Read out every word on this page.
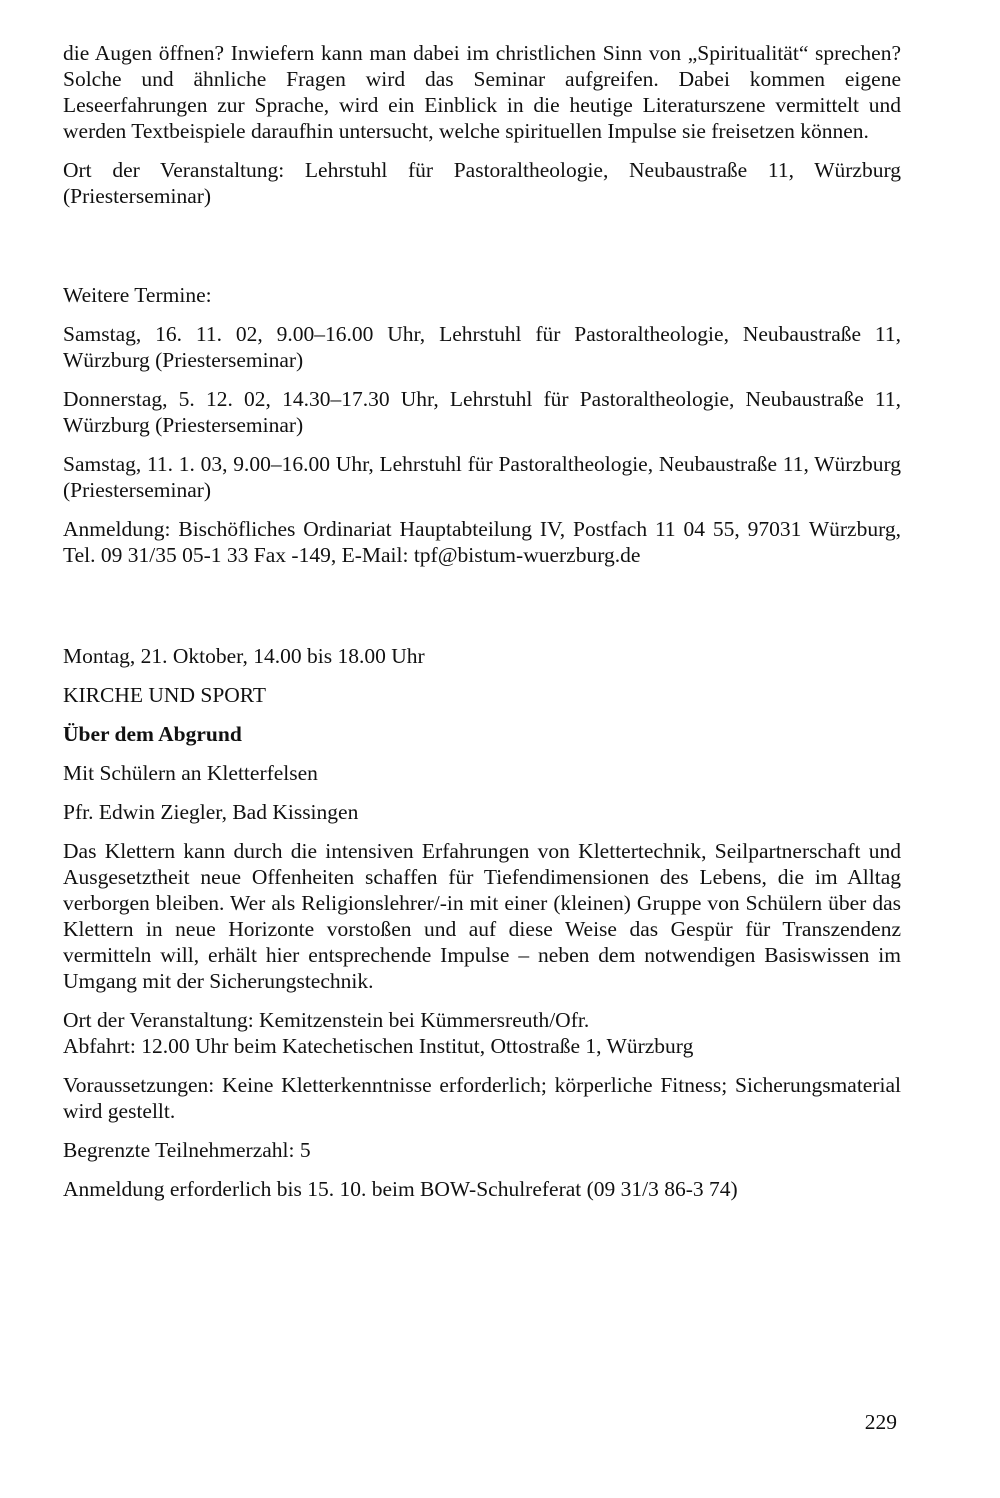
die Augen öffnen? Inwiefern kann man dabei im christlichen Sinn von „Spiritualität“ sprechen? Solche und ähnliche Fragen wird das Seminar aufgreifen. Dabei kommen eigene Leseerfahrungen zur Sprache, wird ein Einblick in die heutige Literaturszene vermittelt und werden Textbeispiele daraufhin untersucht, welche spirituellen Impulse sie freisetzen können.

Ort der Veranstaltung: Lehrstuhl für Pastoraltheologie, Neubaustraße 11, Würzburg (Priesterseminar)

Weitere Termine:

Samstag, 16. 11. 02, 9.00–16.00 Uhr, Lehrstuhl für Pastoraltheologie, Neubaustraße 11, Würzburg (Priesterseminar)

Donnerstag, 5. 12. 02, 14.30–17.30 Uhr, Lehrstuhl für Pastoraltheologie, Neubaustraße 11, Würzburg (Priesterseminar)

Samstag, 11. 1. 03, 9.00–16.00 Uhr, Lehrstuhl für Pastoraltheologie, Neubaustraße 11, Würzburg (Priesterseminar)

Anmeldung: Bischöfliches Ordinariat Hauptabteilung IV, Postfach 11 04 55, 97031 Würzburg, Tel. 09 31/35 05-1 33 Fax -149, E-Mail: tpf@bistum-wuerzburg.de

Montag, 21. Oktober, 14.00 bis 18.00 Uhr

KIRCHE UND SPORT

Über dem Abgrund

Mit Schülern an Kletterfelsen

Pfr. Edwin Ziegler, Bad Kissingen

Das Klettern kann durch die intensiven Erfahrungen von Klettertechnik, Seilpartnerschaft und Ausgesetztheit neue Offenheiten schaffen für Tiefendimensionen des Lebens, die im Alltag verborgen bleiben. Wer als Religionslehrer/-in mit einer (kleinen) Gruppe von Schülern über das Klettern in neue Horizonte vorstoßen und auf diese Weise das Gespür für Transzendenz vermitteln will, erhält hier entsprechende Impulse – neben dem notwendigen Basiswissen im Umgang mit der Sicherungstechnik.

Ort der Veranstaltung: Kemitzenstein bei Kümmersreuth/Ofr.

Abfahrt: 12.00 Uhr beim Katechetischen Institut, Ottostraße 1, Würzburg

Voraussetzungen: Keine Kletterkenntnisse erforderlich; körperliche Fitness; Sicherungsmaterial wird gestellt.

Begrenzte Teilnehmerzahl: 5

Anmeldung erforderlich bis 15. 10. beim BOW-Schulreferat (09 31/3 86-3 74)

229
